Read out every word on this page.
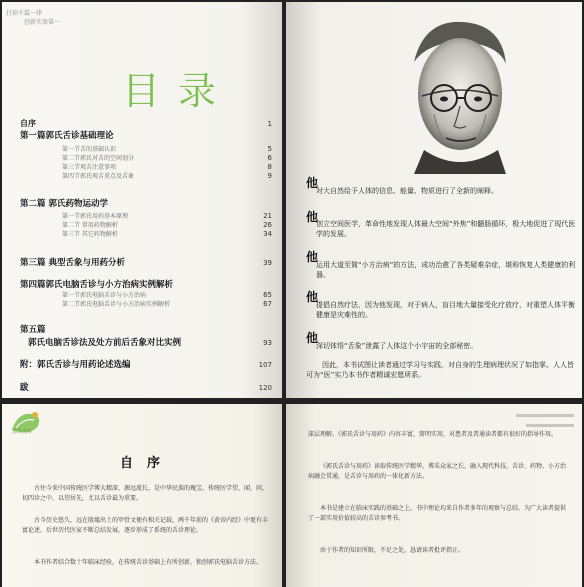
打掉千篇一律
创新实效第一
目录
自序	1
第一篇郭氏舌诊基础理论
第一节舌的基础认识	5
第二节郭氏对舌的空间划分	6
第三节观舌注意事项	8
第四节郭氏观舌重点及舌象	9
第二篇 郭氏药物运动学
第一节郭氏用药基本原理	21
第二节 常用药物解析	26
第三节 其它药物解析	34
第三篇 典型舌象与用药分析	39
第四篇郭氏电脑舌诊与小方治病实例解析
第一节郭氏电脑舌诊与小方治病	65
第二节郭氏电脑舌诊与小方治病实例解析	67
第五篇
郭氏电脑舌诊法及处方前后舌象对比实例	93
附：郭氏舌诊与用药论述选编	107
跋	120
他
对大自然给予人体的信息、能量、物质进行了全新的阐释。
他
创立空间医学，革命性地发现人体最大空间“外焦”和髓肠循环，极大地促进了现代医学的发展。
他
运用大道至简“小方治病”的方法，成功治愈了各类疑难杂症，堪称恢复人类健康的利器。
他
提倡自然疗法，因为他发现，对于病人，盲目地大量接受化疗放疗，对重塑人体平衡健康是灾难性的。
他
深切体悟“舌象”泄露了人体这个小宇宙的全部秘密。
因此，本书试图让读者通过学习与实践，对自身的生理病理状况了如指掌。人人皆可为“医”实乃本书作者精诚宏愿所系。
郭氏舌诊
自序
古往今来中国传统医学博大精深、源远流长，是中华民族的瑰宝。传统医学望、闻、问、切四诊之中，以望居先，尤以舌诊最为重要。
古今历史悠久，远在殷墟出土的甲骨文便有相关记载，两千年前的《黄帝内经》中更有丰富论述，后世历代医家不断总结发展，逐步形成了系统的舌诊理论。
本书作者结合数十年临床经验，在传统舌诊基础上有所创新，独创郭氏电脑舌诊方法。
深层理解。《郭氏舌诊与用药》内容丰富，简明实用，对患者及普通读者都有很好的指导作用。
《郭氏舌诊与用药》读取传统医学精华，博采众家之长，融入现代科技，舌诊、药物、小方治病融会贯通，是舌诊与用药的一体化新方法。
本书是建立在临床实践的基础之上，书中理论均来自作者多年的观察与总结，为广大读者提供了一部实用价值较高的舌诊参考书。
由于作者的知识所限，不足之处，恳请读者批评指正。
